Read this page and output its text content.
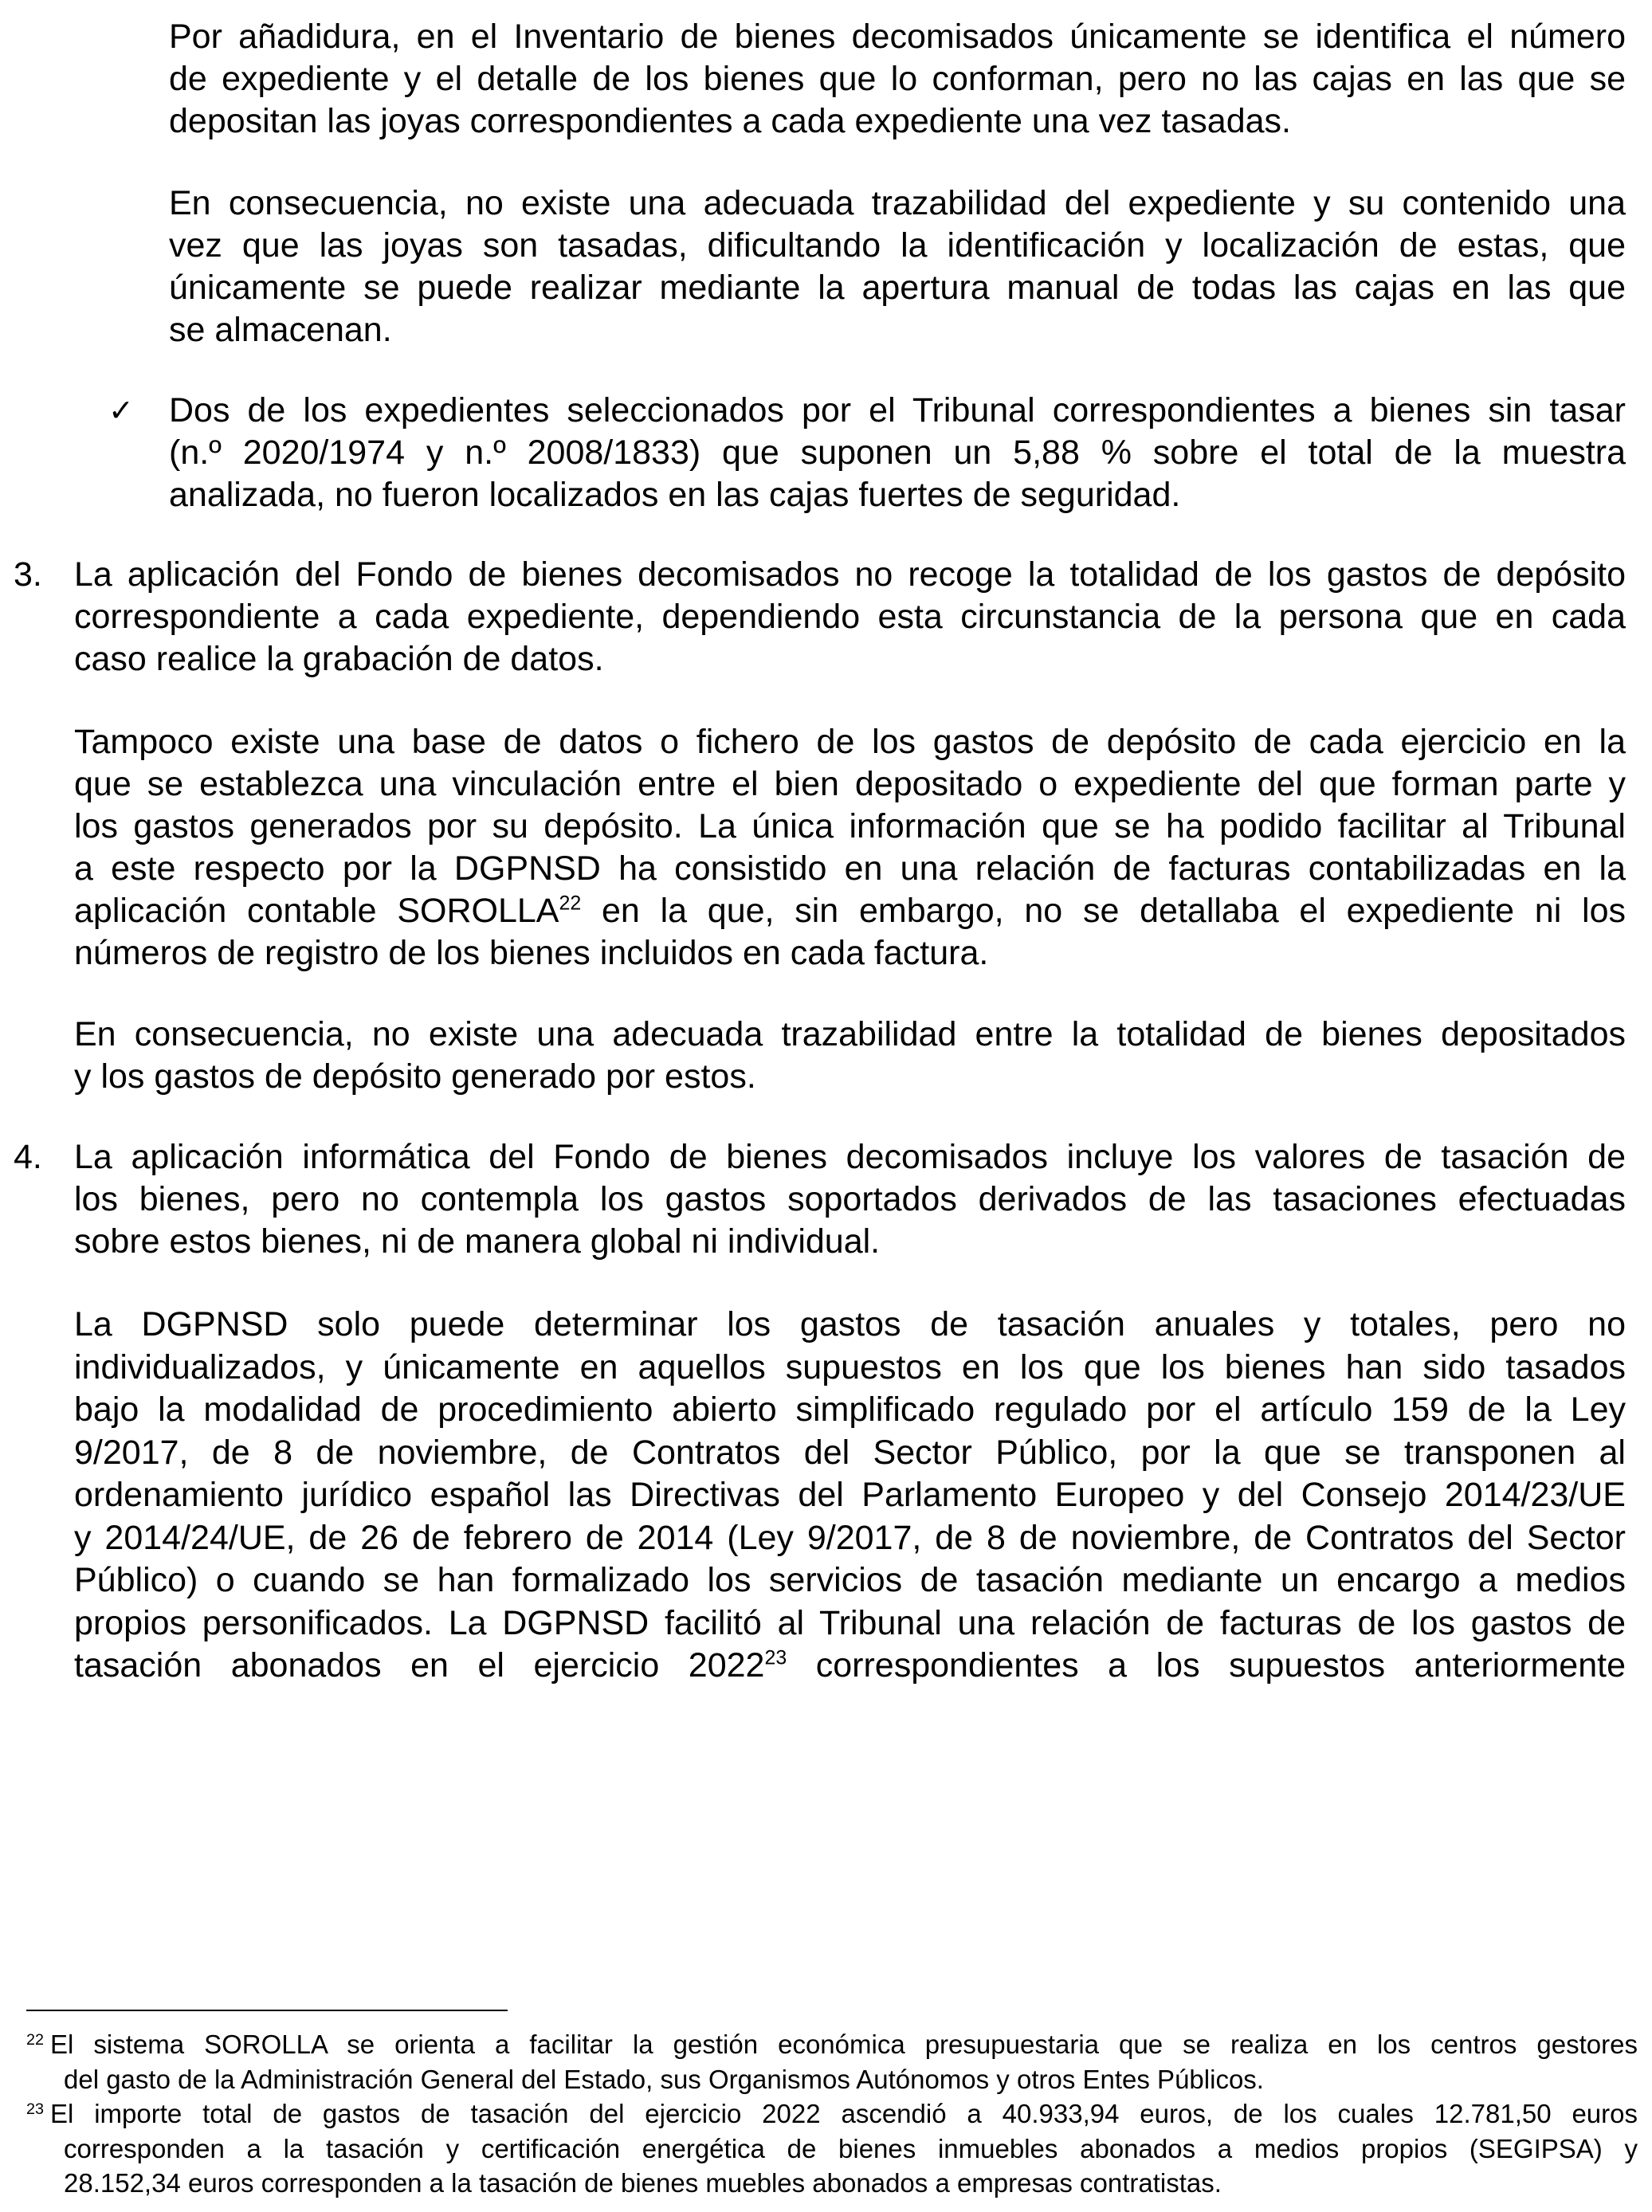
Por añadidura, en el Inventario de bienes decomisados únicamente se identifica el número
de expediente y el detalle de los bienes que lo conforman, pero no las cajas en las que se
depositan las joyas correspondientes a cada expediente una vez tasadas.
En consecuencia, no existe una adecuada trazabilidad del expediente y su contenido una
vez que las joyas son tasadas, dificultando la identificación y localización de estas, que
únicamente se puede realizar mediante la apertura manual de todas las cajas en las que
se almacenan.
✓ Dos de los expedientes seleccionados por el Tribunal correspondientes a bienes sin tasar
(n.º 2020/1974 y n.º 2008/1833) que suponen un 5,88 % sobre el total de la muestra
analizada, no fueron localizados en las cajas fuertes de seguridad.
3. La aplicación del Fondo de bienes decomisados no recoge la totalidad de los gastos de depósito
correspondiente a cada expediente, dependiendo esta circunstancia de la persona que en cada
caso realice la grabación de datos.
Tampoco existe una base de datos o fichero de los gastos de depósito de cada ejercicio en la
que se establezca una vinculación entre el bien depositado o expediente del que forman parte y
los gastos generados por su depósito. La única información que se ha podido facilitar al Tribunal
a este respecto por la DGPNSD ha consistido en una relación de facturas contabilizadas en la
aplicación contable SOROLLA$^{22}$ en la que, sin embargo, no se detallaba el expediente ni los
números de registro de los bienes incluidos en cada factura.
En consecuencia, no existe una adecuada trazabilidad entre la totalidad de bienes depositados
y los gastos de depósito generado por estos.
4. La aplicación informática del Fondo de bienes decomisados incluye los valores de tasación de
los bienes, pero no contempla los gastos soportados derivados de las tasaciones efectuadas
sobre estos bienes, ni de manera global ni individual.
La DGPNSD solo puede determinar los gastos de tasación anuales y totales, pero no
individualizados, y únicamente en aquellos supuestos en los que los bienes han sido tasados
bajo la modalidad de procedimiento abierto simplificado regulado por el artículo 159 de la Ley
9/2017, de 8 de noviembre, de Contratos del Sector Público, por la que se transponen al
ordenamiento jurídico español las Directivas del Parlamento Europeo y del Consejo 2014/23/UE
y 2014/24/UE, de 26 de febrero de 2014 (Ley 9/2017, de 8 de noviembre, de Contratos del Sector
Público) o cuando se han formalizado los servicios de tasación mediante un encargo a medios
propios personificados. La DGPNSD facilitó al Tribunal una relación de facturas de los gastos de
tasación abonados en el ejercicio 2022$^{23}$ correspondientes a los supuestos anteriormente
$^{22}$ El sistema SOROLLA se orienta a facilitar la gestión económica presupuestaria que se realiza en los centros gestores
del gasto de la Administración General del Estado, sus Organismos Autónomos y otros Entes Públicos.
$^{23}$ El importe total de gastos de tasación del ejercicio 2022 ascendió a 40.933,94 euros, de los cuales 12.781,50 euros
corresponden a la tasación y certificación energética de bienes inmuebles abonados a medios propios (SEGIPSA) y
28.152,34 euros corresponden a la tasación de bienes muebles abonados a empresas contratistas.
